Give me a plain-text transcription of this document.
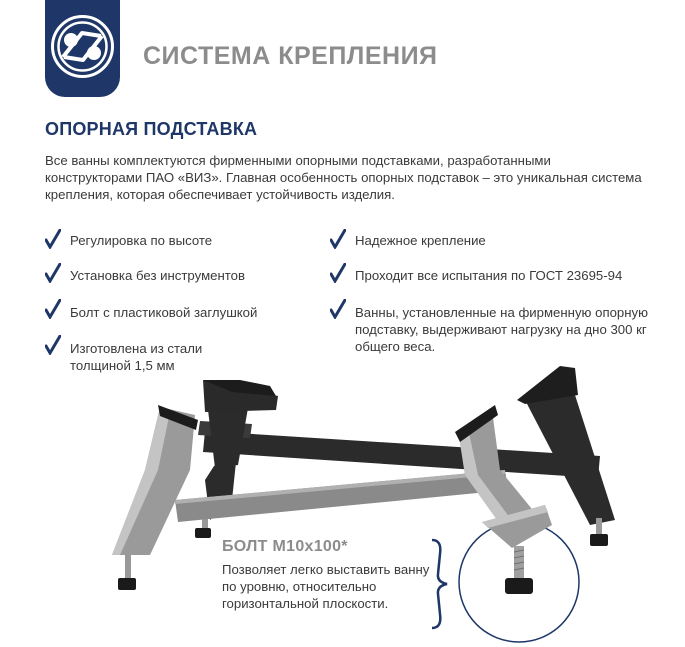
СИСТЕМА КРЕПЛЕНИЯ
ОПОРНАЯ ПОДСТАВКА
Все ванны комплектуются фирменными опорными подставками, разработанными конструкторами ПАО «ВИЗ». Главная особенность опорных подставок – это уникальная система крепления, которая обеспечивает устойчивость изделия.
Регулировка по высоте
Установка без инструментов
Болт с пластиковой заглушкой
Изготовлена из стали толщиной 1,5 мм
Надежное крепление
Проходит все испытания по ГОСТ 23695-94
Ванны, установленные на фирменную опорную подставку, выдерживают нагрузку на дно 300 кг общего веса.
БОЛТ М10х100*
Позволяет легко выставить ванну по уровню, относительно горизонтальной плоскости.
